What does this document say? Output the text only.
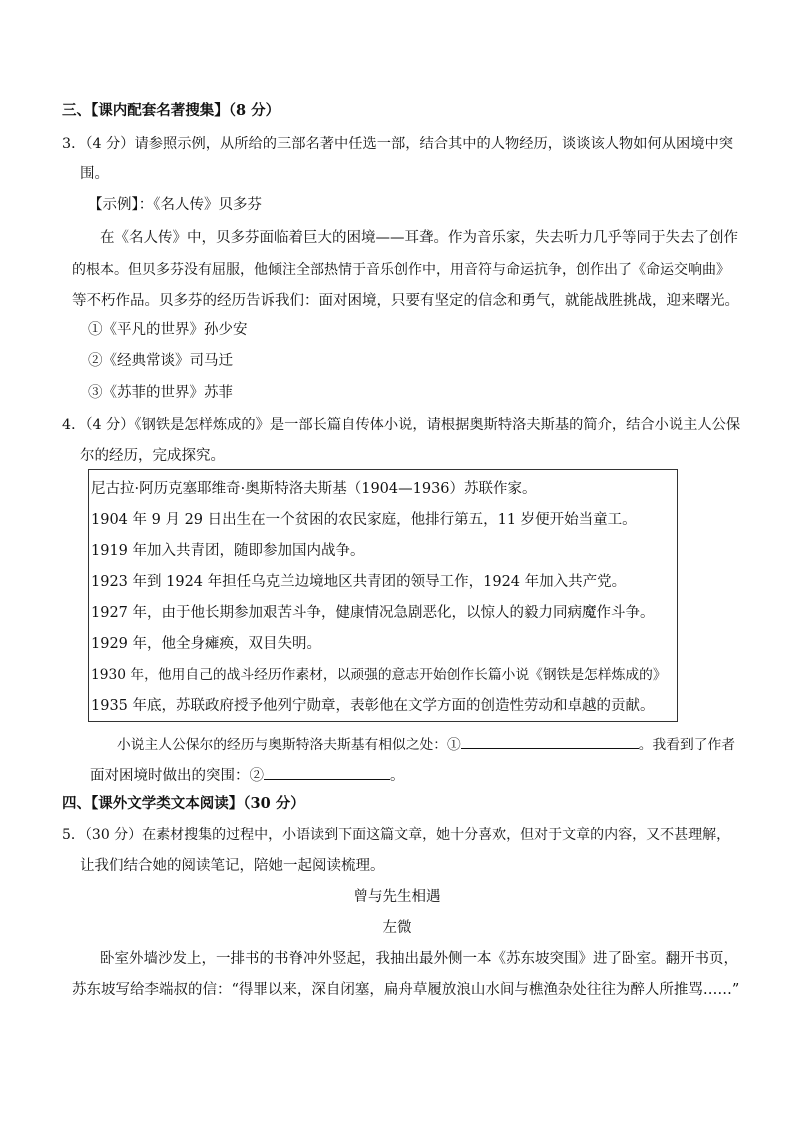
三、【课内配套名著搜集】（8 分）
3．（4 分）请参照示例，从所给的三部名著中任选一部，结合其中的人物经历，谈谈该人物如何从困境中突
围。
【示例】：《名人传》贝多芬
在《名人传》中，贝多芬面临着巨大的困境——耳聋。作为音乐家，失去听力几乎等同于失去了创作
的根本。但贝多芬没有屈服，他倾注全部热情于音乐创作中，用音符与命运抗争，创作出了《命运交响曲》
等不朽作品。贝多芬的经历告诉我们：面对困境，只要有坚定的信念和勇气，就能战胜挑战，迎来曙光。
①《平凡的世界》孙少安
②《经典常谈》司马迁
③《苏菲的世界》苏菲
4．（4 分）《钢铁是怎样炼成的》是一部长篇自传体小说，请根据奥斯特洛夫斯基的简介，结合小说主人公保
尔的经历，完成探究。
尼古拉·阿历克塞耶维奇·奥斯特洛夫斯基（1904—1936）苏联作家。
1904 年 9 月 29 日出生在一个贫困的农民家庭，他排行第五，11 岁便开始当童工。
1919 年加入共青团，随即参加国内战争。
1923 年到 1924 年担任乌克兰边境地区共青团的领导工作，1924 年加入共产党。
1927 年，由于他长期参加艰苦斗争，健康情况急剧恶化，以惊人的毅力同病魔作斗争。
1929 年，他全身瘫痪，双目失明。
1930 年，他用自己的战斗经历作素材，以顽强的意志开始创作长篇小说《钢铁是怎样炼成的》
1935 年底，苏联政府授予他列宁勋章，表彰他在文学方面的创造性劳动和卓越的贡献。
小说主人公保尔的经历与奥斯特洛夫斯基有相似之处：①	。我看到了作者
面对困境时做出的突围：②	。
四、【课外文学类文本阅读】（30 分）
5．（30 分）在素材搜集的过程中，小语读到下面这篇文章，她十分喜欢，但对于文章的内容，又不甚理解，
让我们结合她的阅读笔记，陪她一起阅读梳理。
曾与先生相遇
左微
卧室外墙沙发上，一排书的书脊冲外竖起，我抽出最外侧一本《苏东坡突围》进了卧室。翻开书页，
苏东坡写给李端叔的信：“得罪以来，深自闭塞，扁舟草履放浪山水间与樵渔杂处往往为醉人所推骂……”
